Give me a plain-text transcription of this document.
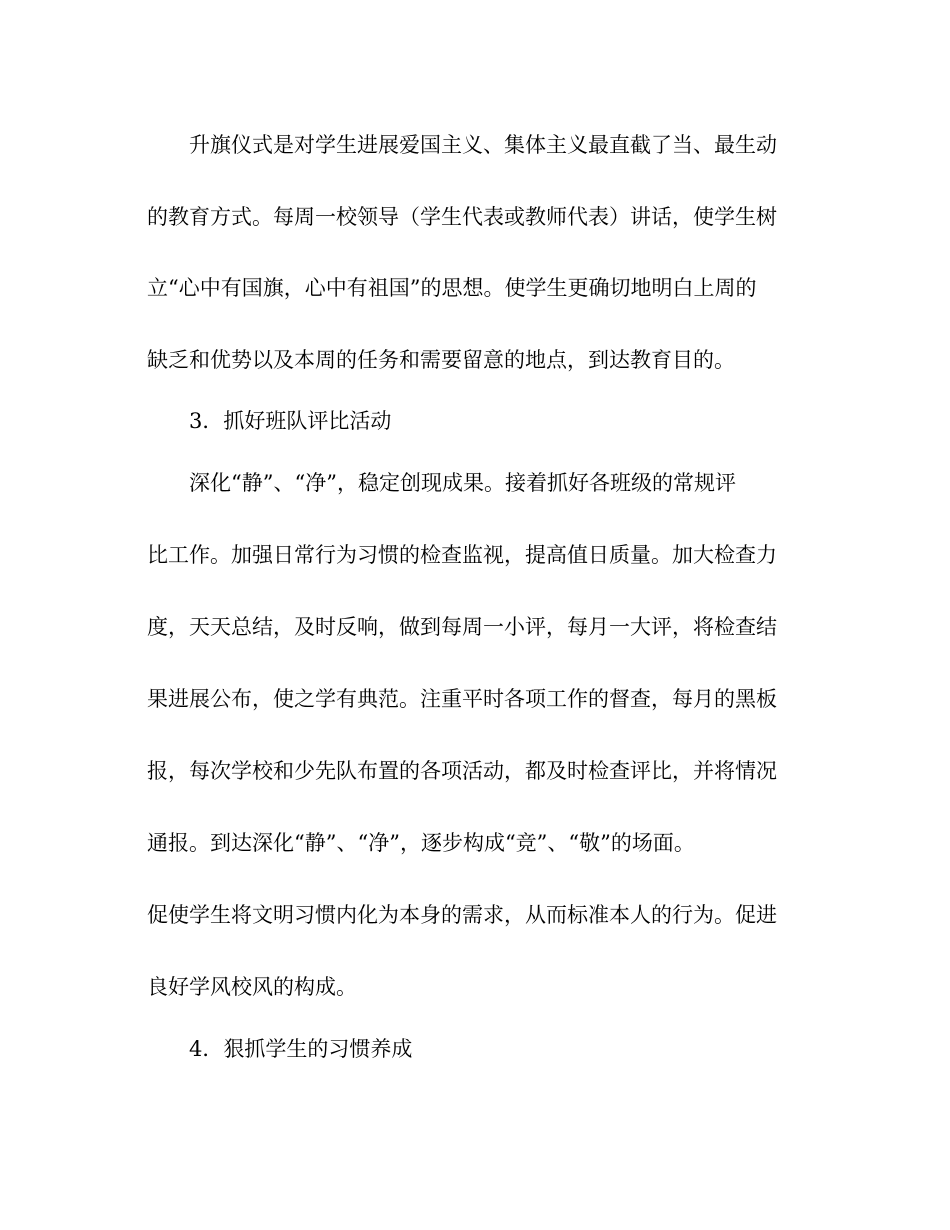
升旗仪式是对学生进展爱国主义、集体主义最直截了当、最生动
的教育方式。每周一校领导（学生代表或教师代表）讲话，使学生树
立“心中有国旗，心中有祖国”的思想。使学生更确切地明白上周的
缺乏和优势以及本周的任务和需要留意的地点，到达教育目的。
3．抓好班队评比活动
深化“静”、“净”，稳定创现成果。接着抓好各班级的常规评
比工作。加强日常行为习惯的检查监视，提高值日质量。加大检查力
度，天天总结，及时反响，做到每周一小评，每月一大评，将检查结
果进展公布，使之学有典范。注重平时各项工作的督查，每月的黑板
报，每次学校和少先队布置的各项活动，都及时检查评比，并将情况
通报。到达深化“静”、“净”，逐步构成“竞”、“敬”的场面。
促使学生将文明习惯内化为本身的需求，从而标准本人的行为。促进
良好学风校风的构成。
4．狠抓学生的习惯养成
